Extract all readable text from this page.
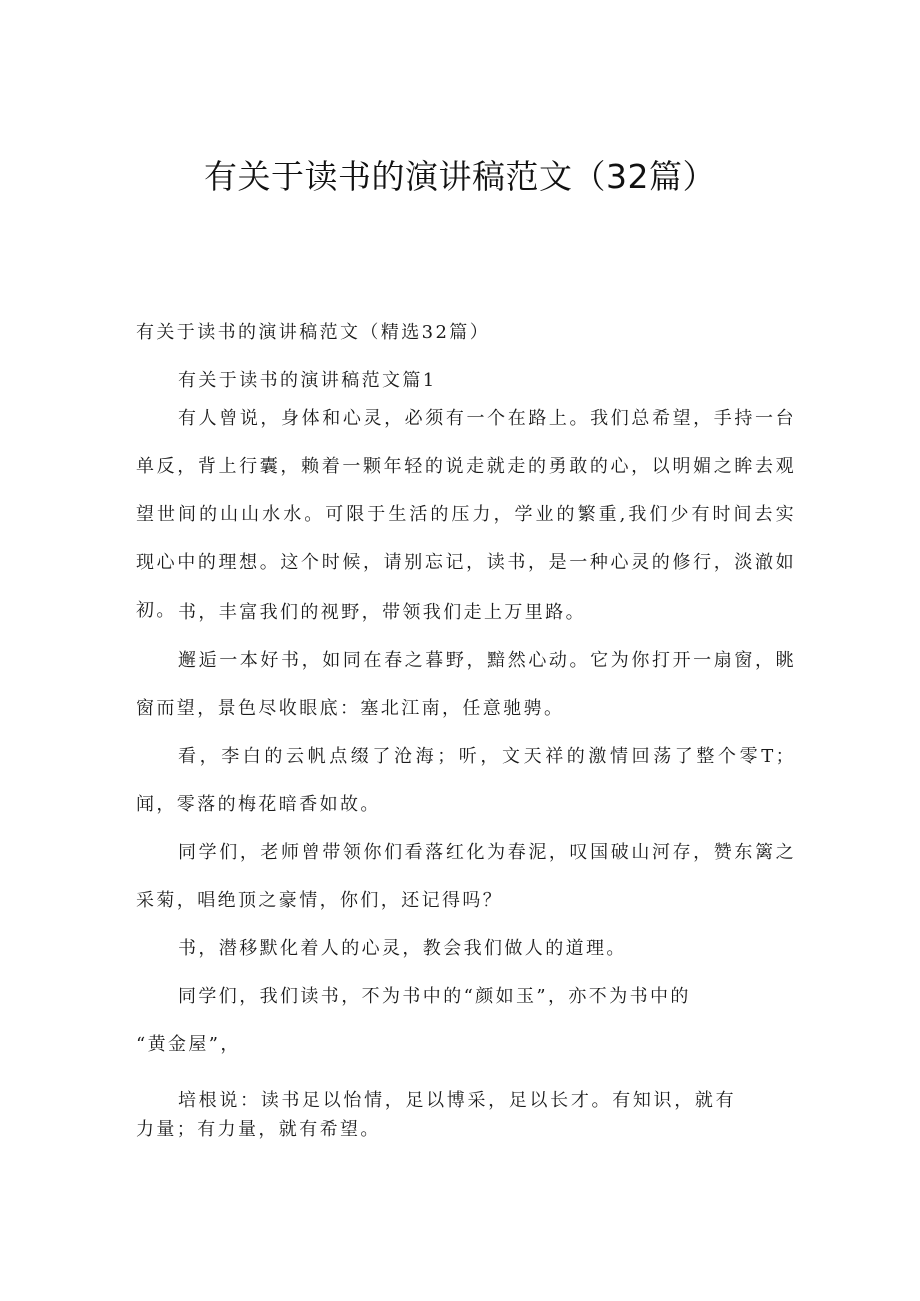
有关于读书的演讲稿范文（32篇）

有关于读书的演讲稿范文（精选32篇）

有关于读书的演讲稿范文篇1

有人曾说，身体和心灵，必须有一个在路上。我们总希望，手持一台单反，背上行囊，赖着一颗年轻的说走就走的勇敢的心，以明媚之眸去观望世间的山山水水。可限于生活的压力，学业的繁重,我们少有时间去实现心中的理想。这个时候，请别忘记，读书，是一种心灵的修行，淡澈如初。 书，丰富我们的视野，带领我们走上万里路。

邂逅一本好书，如同在春之暮野，黯然心动。它为你打开一扇窗，眺窗而望，景色尽收眼底：塞北江南，任意驰骋。

看，李白的云帆点缀了沧海；听，文天祥的激情回荡了整个零T；闻，零落的梅花暗香如故。

同学们，老师曾带领你们看落红化为春泥，叹国破山河存，赞东篱之采菊，唱绝顶之豪情，你们，还记得吗？

书，潜移默化着人的心灵，教会我们做人的道理。

同学们，我们读书，不为书中的“颜如玉”，亦不为书中的

“黄金屋”，

培根说：读书足以怡情，足以博采，足以长才。有知识，就有力量；有力量，就有希望。
